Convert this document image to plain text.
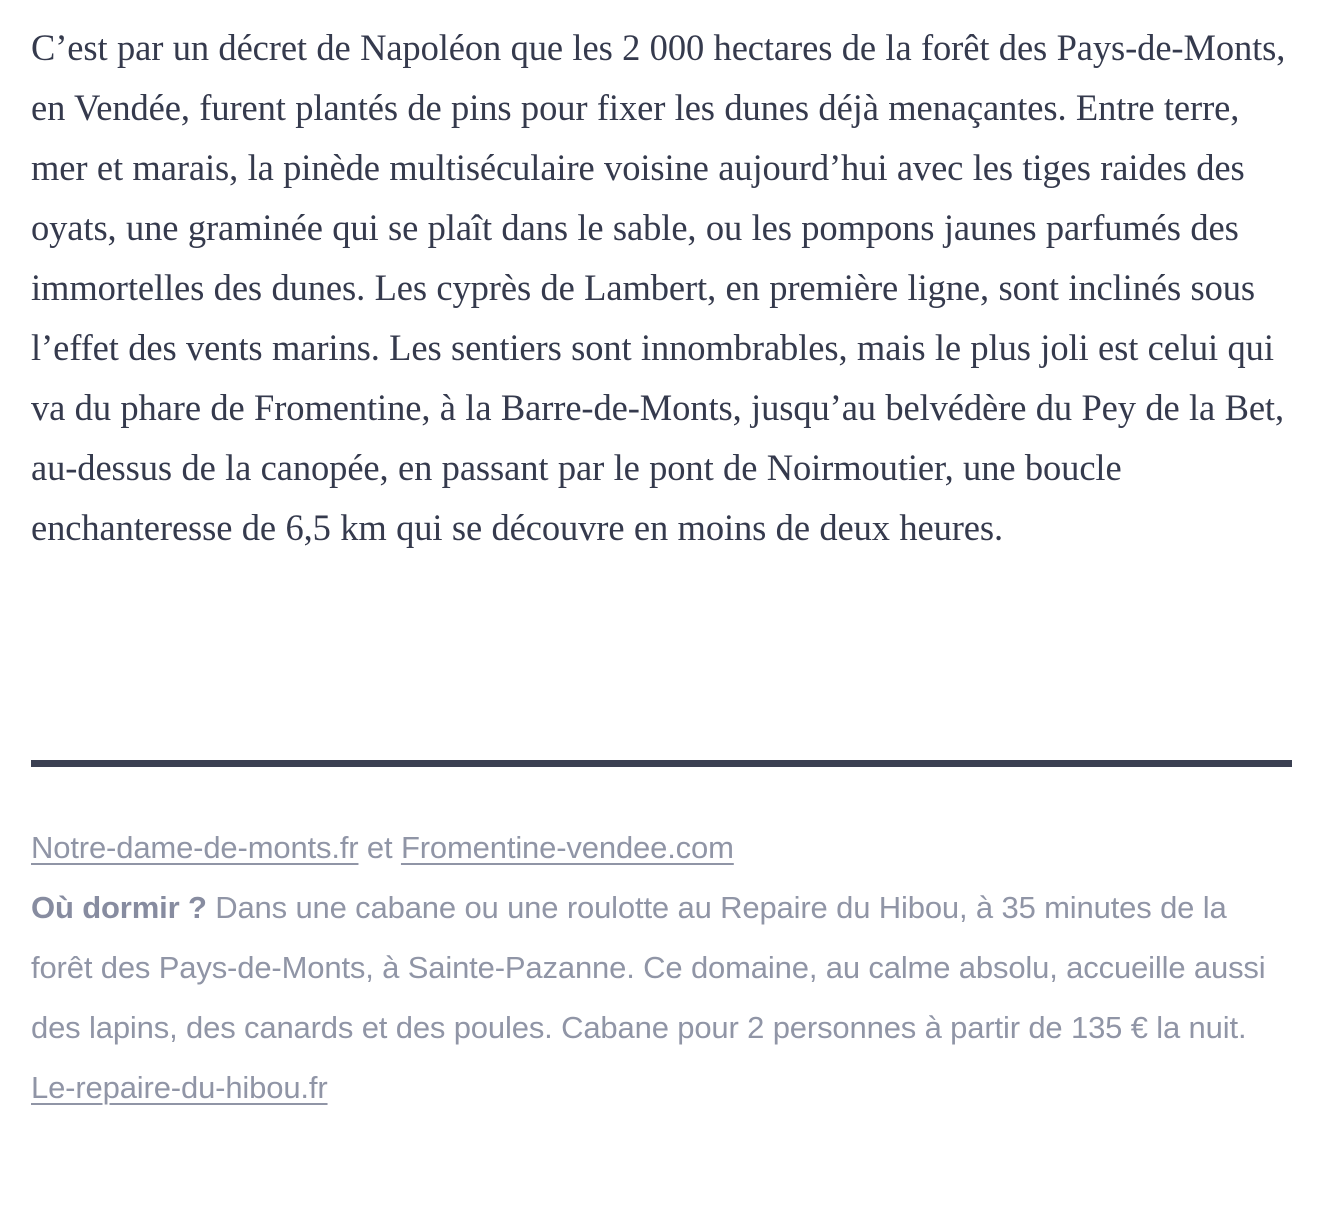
C’est par un décret de Napoléon que les 2 000 hectares de la forêt des Pays-de-Monts, en Vendée, furent plantés de pins pour fixer les dunes déjà menaçantes. Entre terre, mer et marais, la pinède multiséculaire voisine aujourd’hui avec les tiges raides des oyats, une graminée qui se plaît dans le sable, ou les pompons jaunes parfumés des immortelles des dunes. Les cyprès de Lambert, en première ligne, sont inclinés sous l’effet des vents marins. Les sentiers sont innombrables, mais le plus joli est celui qui va du phare de Fromentine, à la Barre-de-Monts, jusqu’au belvédère du Pey de la Bet, au-dessus de la canopée, en passant par le pont de Noirmoutier, une boucle enchanteresse de 6,5 km qui se découvre en moins de deux heures.

Notre-dame-de-monts.fr et Fromentine-vendee.com

Où dormir ? Dans une cabane ou une roulotte au Repaire du Hibou, à 35 minutes de la forêt des Pays-de-Monts, à Sainte-Pazanne. Ce domaine, au calme absolu, accueille aussi des lapins, des canards et des poules. Cabane pour 2 personnes à partir de 135 € la nuit. Le-repaire-du-hibou.fr
